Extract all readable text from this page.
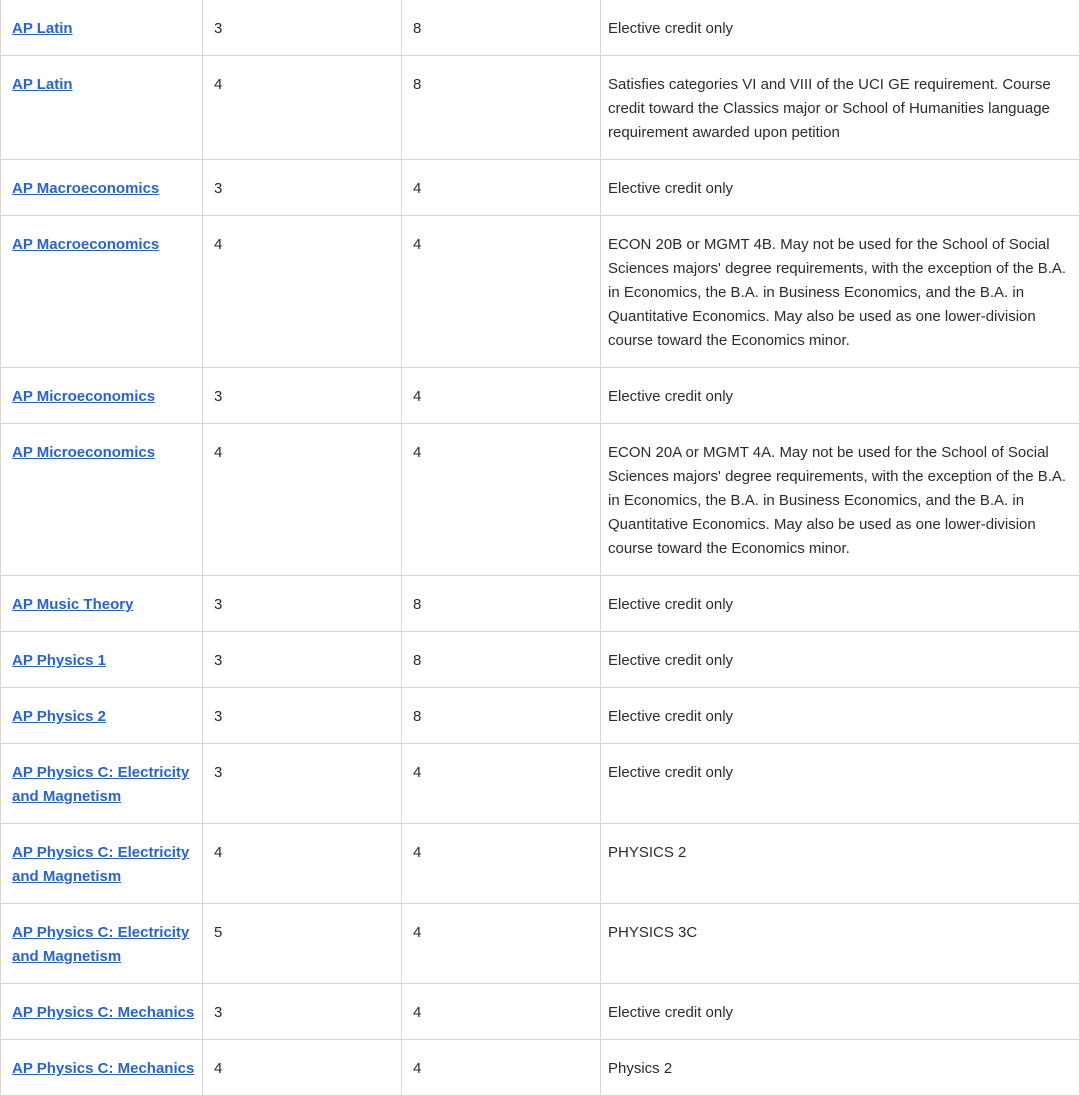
AP Latin	3	8	Elective credit only
AP Latin	4	8	Satisfies categories VI and VIII of the UCI GE requirement. Course credit toward the Classics major or School of Humanities language requirement awarded upon petition
AP Macroeconomics	3	4	Elective credit only
AP Macroeconomics	4	4	ECON 20B or MGMT 4B. May not be used for the School of Social Sciences majors' degree requirements, with the exception of the B.A. in Economics, the B.A. in Business Economics, and the B.A. in Quantitative Economics. May also be used as one lower-division course toward the Economics minor.
AP Microeconomics	3	4	Elective credit only
AP Microeconomics	4	4	ECON 20A or MGMT 4A. May not be used for the School of Social Sciences majors' degree requirements, with the exception of the B.A. in Economics, the B.A. in Business Economics, and the B.A. in Quantitative Economics. May also be used as one lower-division course toward the Economics minor.
AP Music Theory	3	8	Elective credit only
AP Physics 1	3	8	Elective credit only
AP Physics 2	3	8	Elective credit only
AP Physics C: Electricity and Magnetism	3	4	Elective credit only
AP Physics C: Electricity and Magnetism	4	4	PHYSICS 2
AP Physics C: Electricity and Magnetism	5	4	PHYSICS 3C
AP Physics C: Mechanics	3	4	Elective credit only
AP Physics C: Mechanics	4	4	Physics 2
